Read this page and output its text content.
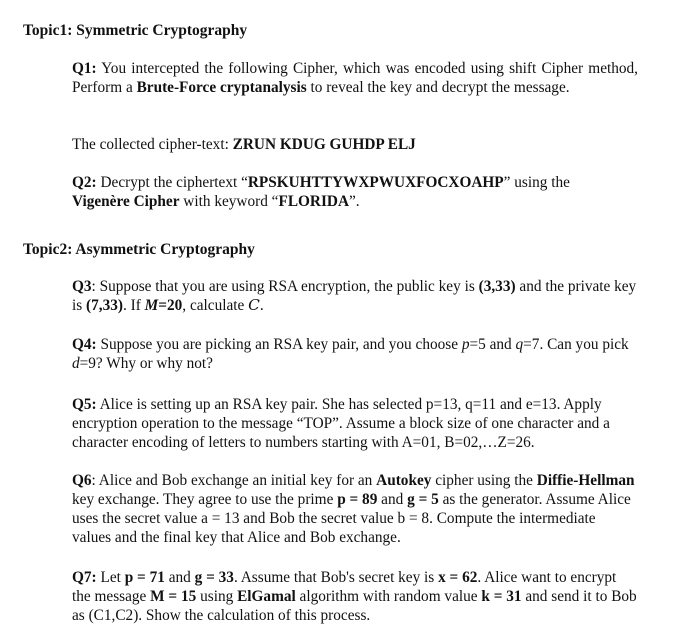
Topic1: Symmetric Cryptography
Q1: You intercepted the following Cipher, which was encoded using shift Cipher method, Perform a Brute-Force cryptanalysis to reveal the key and decrypt the message.
The collected cipher-text: ZRUN KDUG GUHDP ELJ
Q2: Decrypt the ciphertext “RPSKUHTTYWXPWUXFOCXOAHP” using the
Vigenère Cipher with keyword “FLORIDA”.
Topic2: Asymmetric Cryptography
Q3: Suppose that you are using RSA encryption, the public key is (3,33) and the private key is (7,33). If M=20, calculate C.
Q4: Suppose you are picking an RSA key pair, and you choose p=5 and q=7. Can you pick d=9? Why or why not?
Q5: Alice is setting up an RSA key pair. She has selected p=13, q=11 and e=13. Apply encryption operation to the message “TOP”. Assume a block size of one character and a character encoding of letters to numbers starting with A=01, B=02,…Z=26.
Q6: Alice and Bob exchange an initial key for an Autokey cipher using the Diffie-Hellman key exchange. They agree to use the prime p = 89 and g = 5 as the generator. Assume Alice uses the secret value a = 13 and Bob the secret value b = 8. Compute the intermediate values and the final key that Alice and Bob exchange.
Q7: Let p = 71 and g = 33. Assume that Bob's secret key is x = 62. Alice want to encrypt the message M = 15 using ElGamal algorithm with random value k = 31 and send it to Bob as (C1,C2). Show the calculation of this process.
